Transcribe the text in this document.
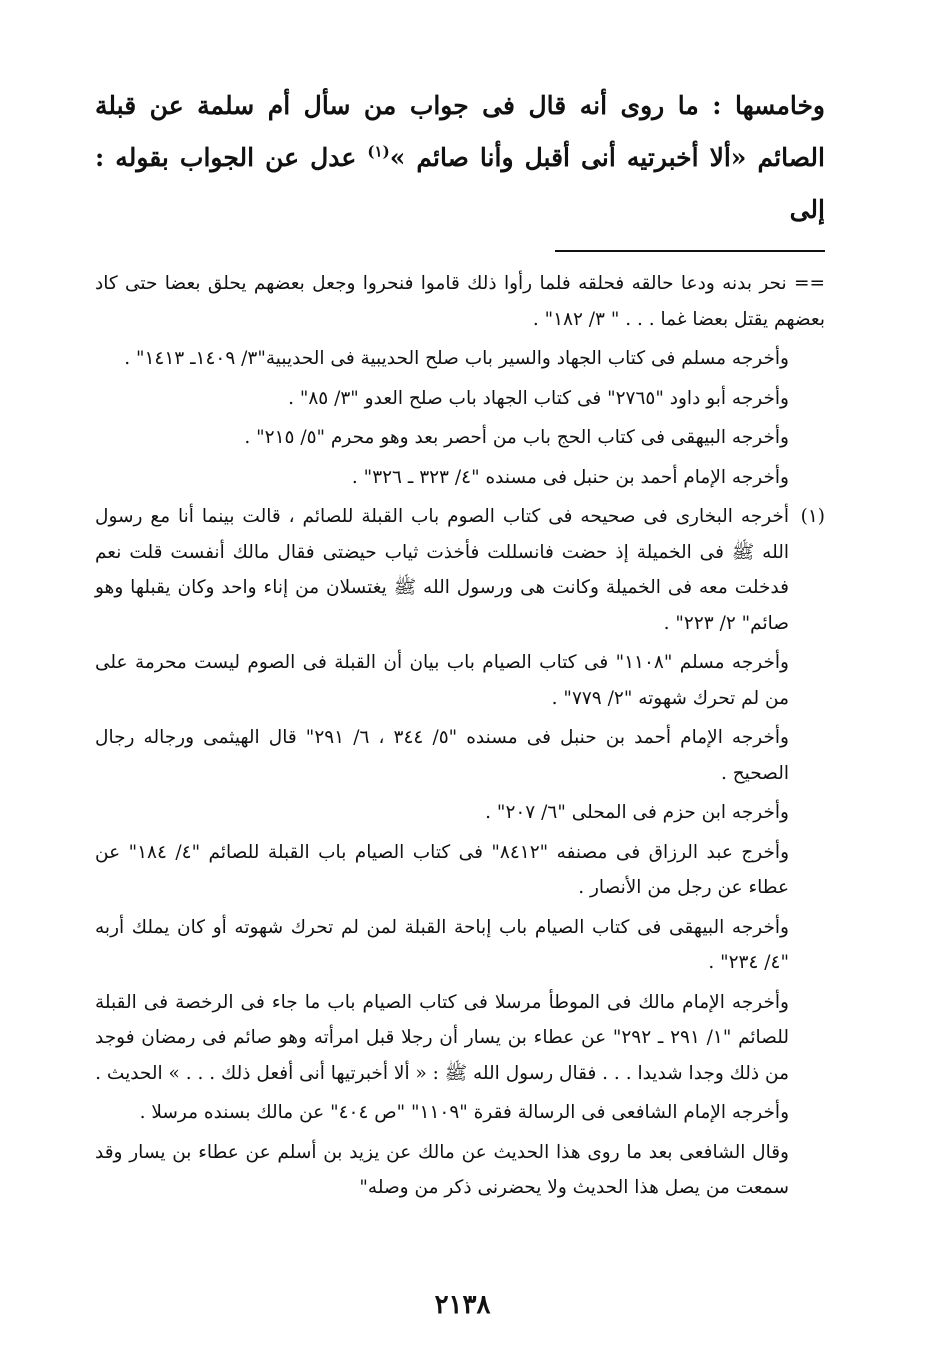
وخامسها : ما روى أنه قال فى جواب من سأل أم سلمة عن قبلة الصائم «ألا أخبرتيه أنى أقبل وأنا صائم »$^{(١)}$ عدل عن الجواب بقوله : إلى

== نحر بدنه ودعا حالقه فحلقه فلما رأوا ذلك قاموا فنحروا وجعل بعضهم يحلق بعضا حتى كاد بعضهم يقتل بعضا غما . . . " ٣/ ١٨٢" .

وأخرجه مسلم فى كتاب الجهاد والسير باب صلح الحديبية فى الحديبية"٣/ ١٤٠٩ـ ١٤١٣" .

وأخرجه أبو داود "٢٧٦٥" فى كتاب الجهاد باب صلح العدو "٣/ ٨٥" .

وأخرجه البيهقى فى كتاب الحج باب من أحصر بعد وهو محرم "٥/ ٢١٥" .

وأخرجه الإمام أحمد بن حنبل فى مسنده "٤/ ٣٢٣ ـ ٣٢٦" .

(١)
أخرجه البخارى فى صحيحه فى كتاب الصوم باب القبلة للصائم ، قالت بينما أنا مع رسول الله ﷺ فى الخميلة إذ حضت فانسللت فأخذت ثياب حيضتى فقال مالك أنفست قلت نعم فدخلت معه فى الخميلة وكانت هى ورسول الله ﷺ يغتسلان من إناء واحد وكان يقبلها وهو صائم" ٢/ ٢٢٣" .

وأخرجه مسلم "١١٠٨" فى كتاب الصيام باب بيان أن القبلة فى الصوم ليست محرمة على من لم تحرك شهوته "٢/ ٧٧٩" .

وأخرجه الإمام أحمد بن حنبل فى مسنده "٥/ ٣٤٤ ، ٦/ ٢٩١" قال الهيثمى ورجاله رجال الصحيح .

وأخرجه ابن حزم فى المحلى "٦/ ٢٠٧" .

وأخرج عبد الرزاق فى مصنفه "٨٤١٢" فى كتاب الصيام باب القبلة للصائم "٤/ ١٨٤" عن عطاء عن رجل من الأنصار .

وأخرجه البيهقى فى كتاب الصيام باب إباحة القبلة لمن لم تحرك شهوته أو كان يملك أربه "٤/ ٢٣٤" .

وأخرجه الإمام مالك فى الموطأ مرسلا فى كتاب الصيام باب ما جاء فى الرخصة فى القبلة للصائم "١/ ٢٩١ ـ ٢٩٢" عن عطاء بن يسار أن رجلا قبل امرأته وهو صائم فى رمضان فوجد من ذلك وجدا شديدا . . . فقال رسول الله ﷺ : « ألا أخبرتيها أنى أفعل ذلك . . . » الحديث .

وأخرجه الإمام الشافعى فى الرسالة فقرة "١١٠٩" "ص ٤٠٤" عن مالك بسنده مرسلا .

وقال الشافعى بعد ما روى هذا الحديث عن مالك عن يزيد بن أسلم عن عطاء بن يسار وقد سمعت من يصل هذا الحديث ولا يحضرنى ذكر من وصله"

٢١٣٨
